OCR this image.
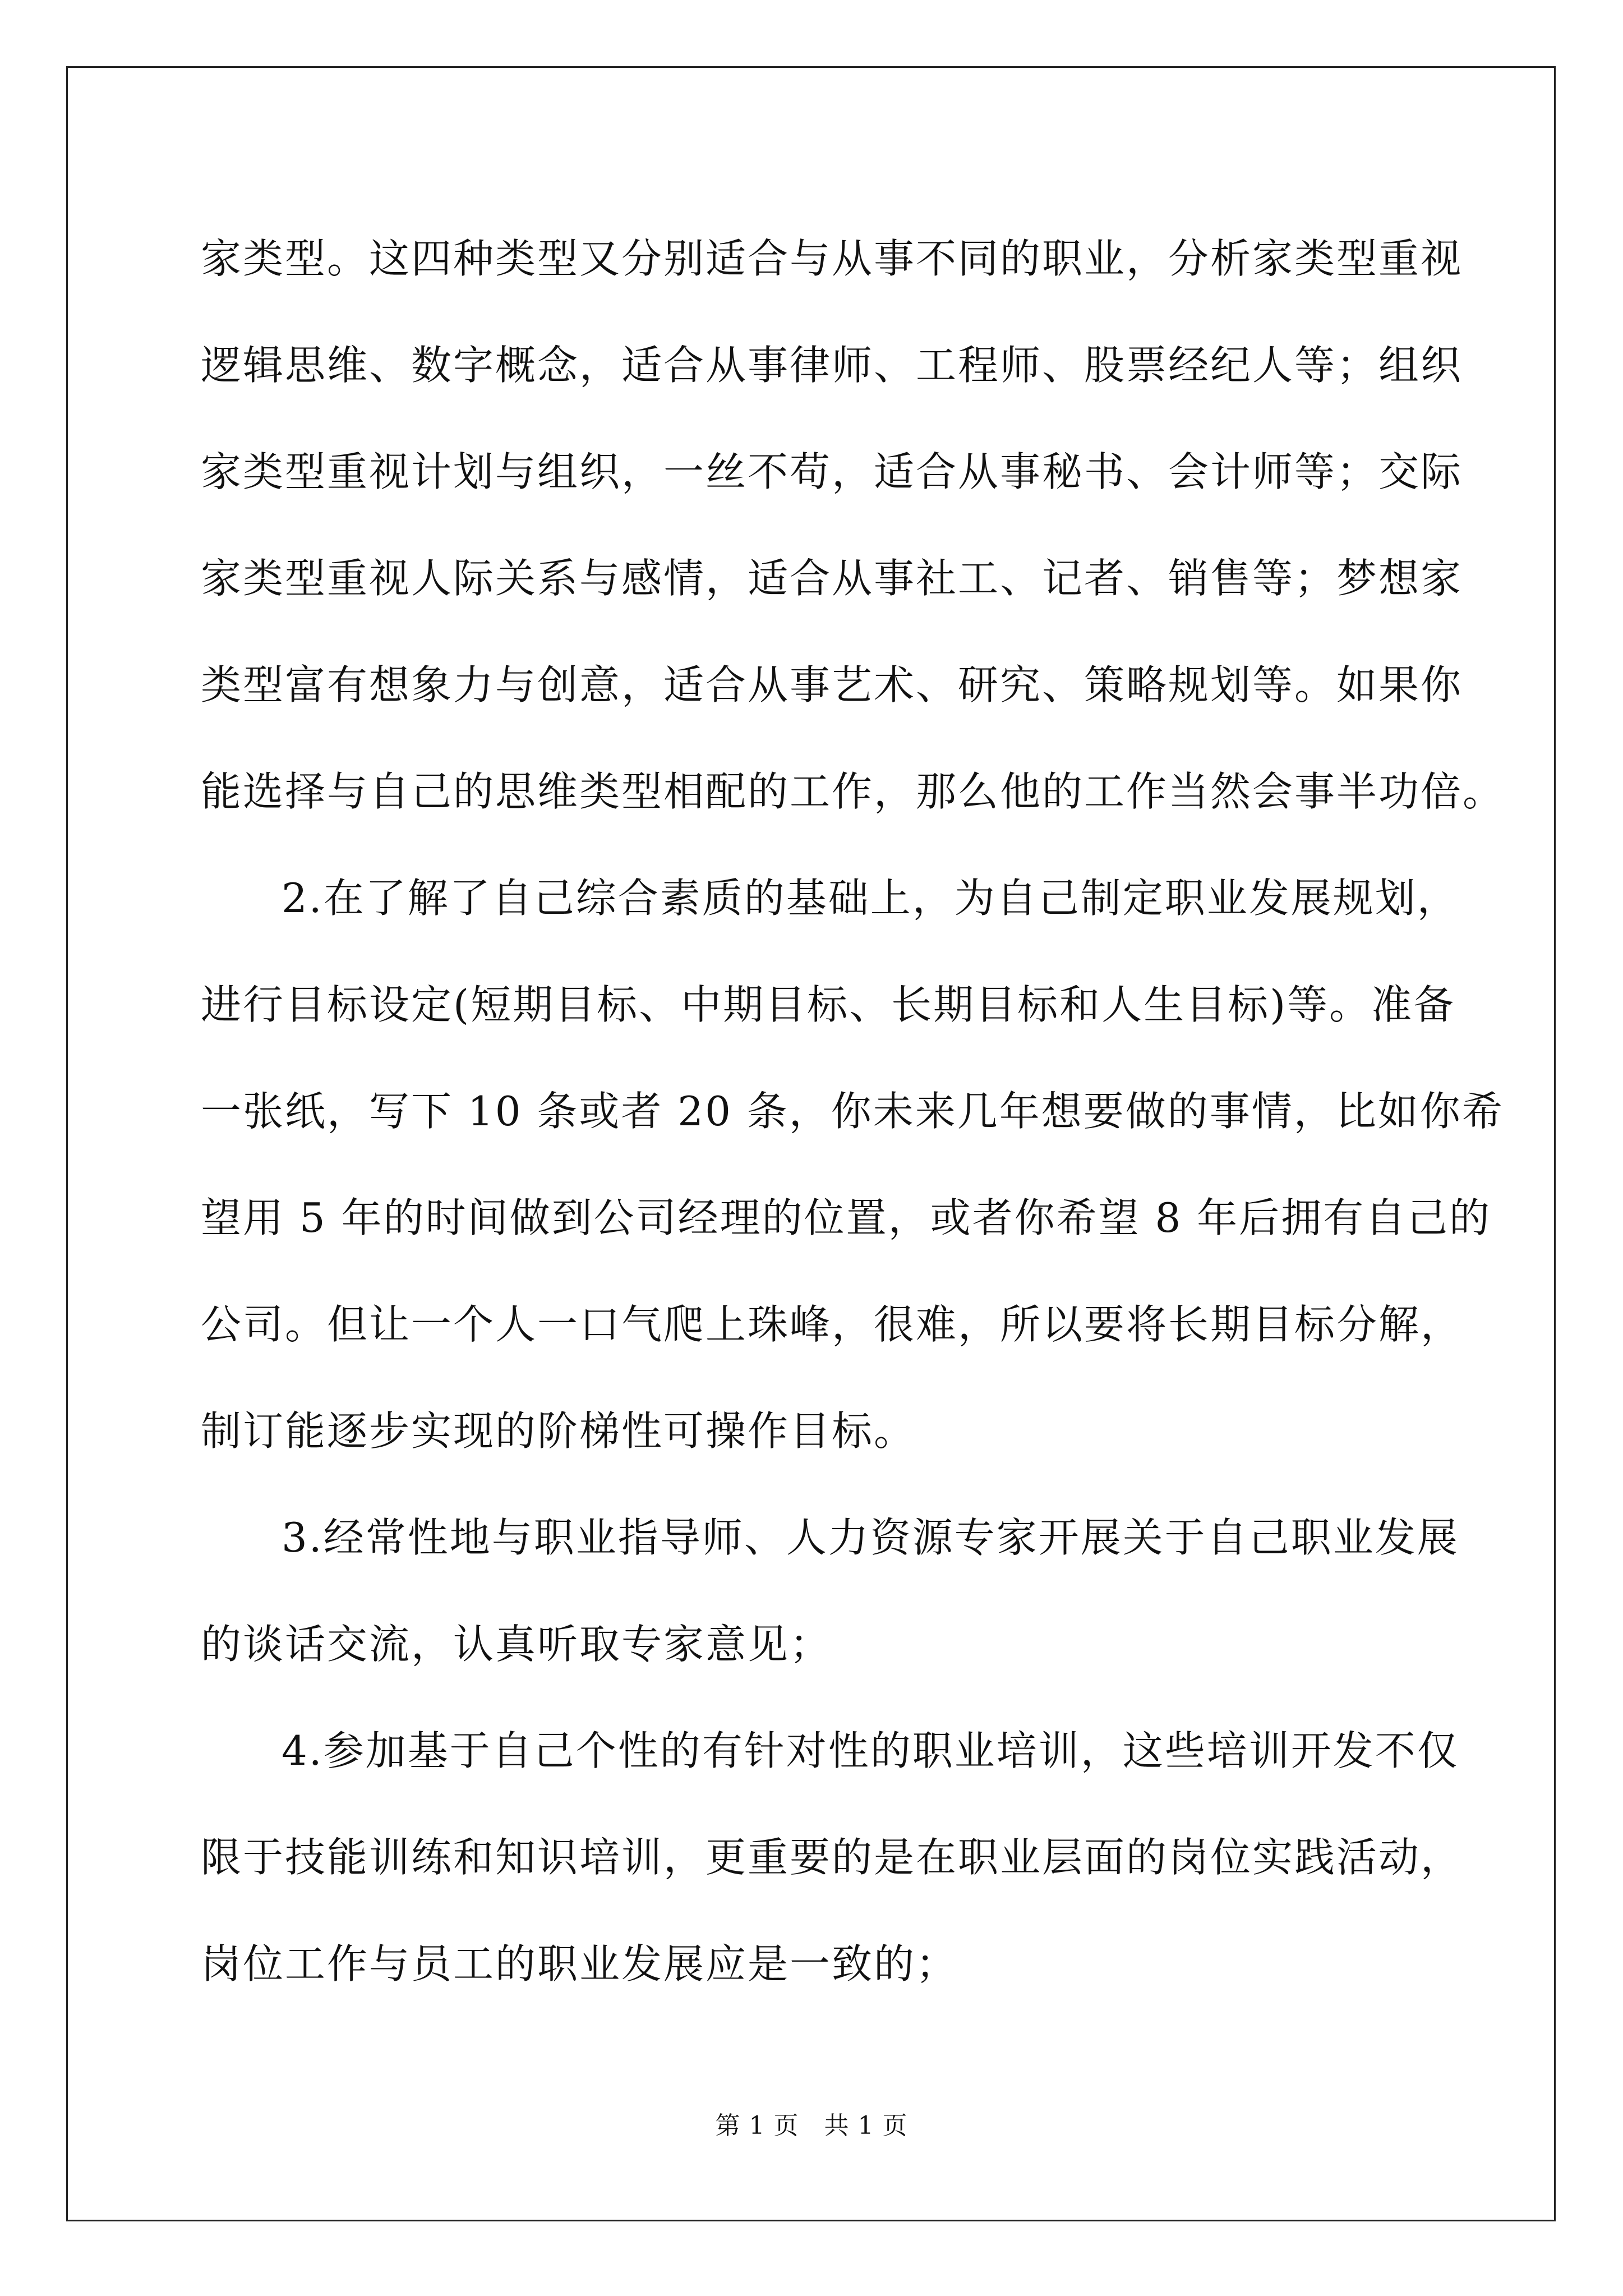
家类型。这四种类型又分别适合与从事不同的职业，分析家类型重视
逻辑思维、数字概念，适合从事律师、工程师、股票经纪人等；组织
家类型重视计划与组织，一丝不苟，适合从事秘书、会计师等；交际
家类型重视人际关系与感情，适合从事社工、记者、销售等；梦想家
类型富有想象力与创意，适合从事艺术、研究、策略规划等。如果你
能选择与自己的思维类型相配的工作，那么他的工作当然会事半功倍。
2.在了解了自己综合素质的基础上，为自己制定职业发展规划，
进行目标设定(短期目标、中期目标、长期目标和人生目标)等。准备
一张纸，写下 10 条或者 20 条，你未来几年想要做的事情，比如你希
望用 5 年的时间做到公司经理的位置，或者你希望 8 年后拥有自己的
公司。但让一个人一口气爬上珠峰，很难，所以要将长期目标分解，
制订能逐步实现的阶梯性可操作目标。
3.经常性地与职业指导师、人力资源专家开展关于自己职业发展
的谈话交流，认真听取专家意见；
4.参加基于自己个性的有针对性的职业培训，这些培训开发不仅
限于技能训练和知识培训，更重要的是在职业层面的岗位实践活动，
岗位工作与员工的职业发展应是一致的；
第 1 页　共 1 页
